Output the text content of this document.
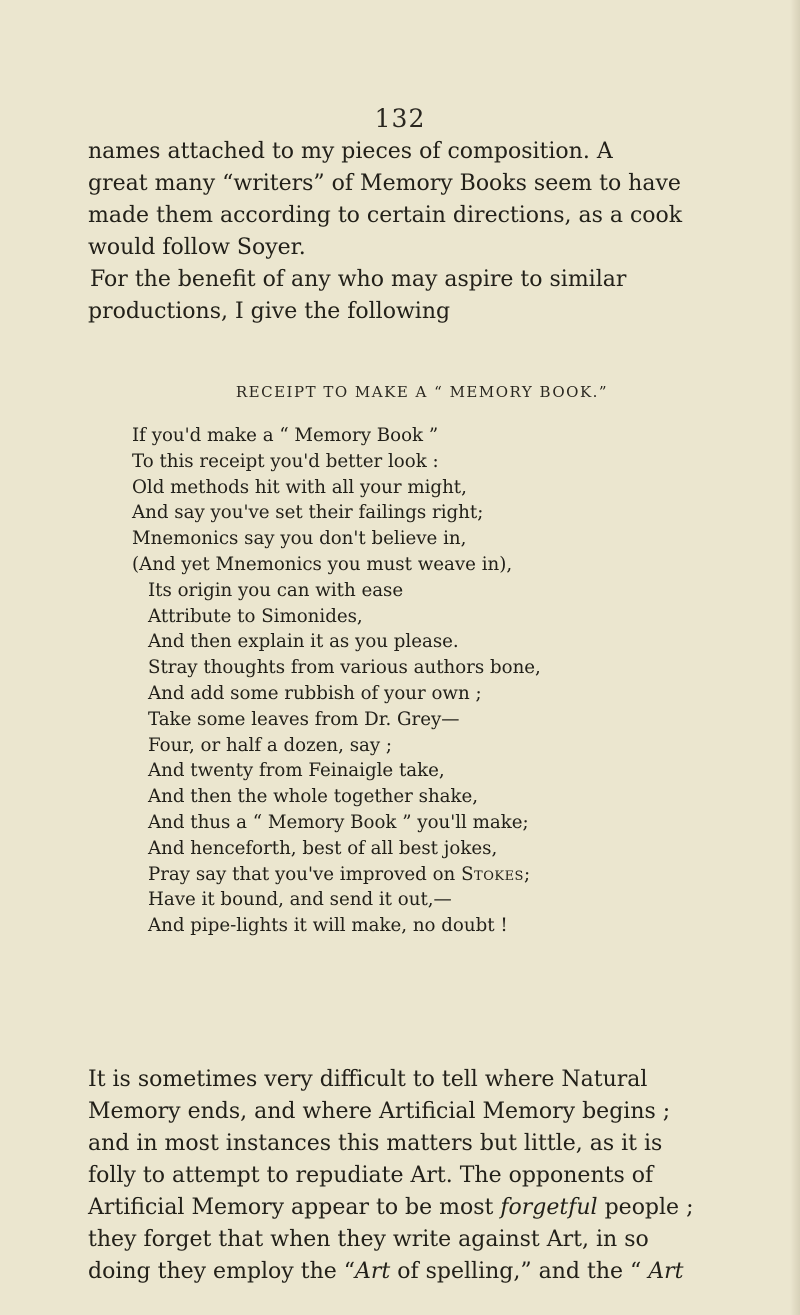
132
names attached to my pieces of composition. A
great many “writers” of Memory Books seem to have
made them according to certain directions, as a cook
would follow Soyer.
For the benefit of any who may aspire to similar
productions, I give the following
RECEIPT TO MAKE A “ MEMORY BOOK.”
If you'd make a “ Memory Book ”
To this receipt you'd better look :
Old methods hit with all your might,
And say you've set their failings right;
Mnemonics say you don't believe in,
(And yet Mnemonics you must weave in),
Its origin you can with ease
Attribute to Simonides,
And then explain it as you please.
Stray thoughts from various authors bone,
And add some rubbish of your own ;
Take some leaves from Dr. Grey—
Four, or half a dozen, say ;
And twenty from Feinaigle take,
And then the whole together shake,
And thus a “ Memory Book ” you'll make;
And henceforth, best of all best jokes,
Pray say that you've improved on Stokes;
Have it bound, and send it out,—
And pipe-lights it will make, no doubt !
It is sometimes very difficult to tell where Natural
Memory ends, and where Artificial Memory begins ;
and in most instances this matters but little, as it is
folly to attempt to repudiate Art. The opponents of
Artificial Memory appear to be most forgetful people ;
they forget that when they write against Art, in so
doing they employ the “Art of spelling,” and the “ Art
